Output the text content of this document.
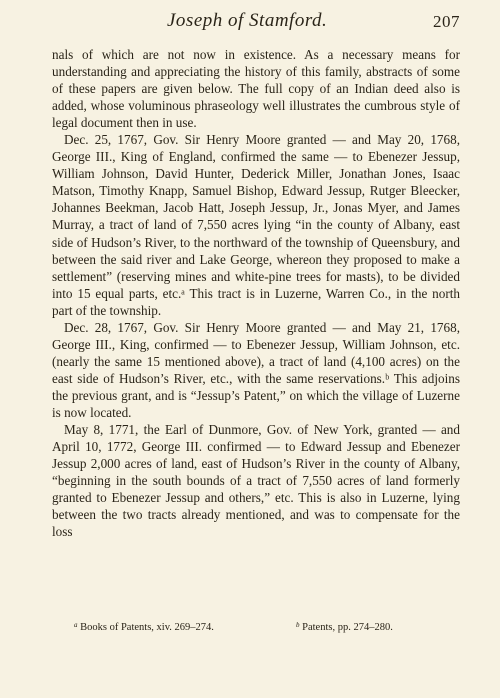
Joseph of Stamford.	207

nals of which are not now in existence. As a necessary means for understanding and appreciating the history of this family, abstracts of some of these papers are given below. The full copy of an Indian deed also is added, whose voluminous phraseology well illustrates the cumbrous style of legal document then in use.

Dec. 25, 1767, Gov. Sir Henry Moore granted — and May 20, 1768, George III., King of England, confirmed the same — to Ebenezer Jessup, William Johnson, David Hunter, Dederick Miller, Jonathan Jones, Isaac Matson, Timothy Knapp, Samuel Bishop, Edward Jessup, Rutger Bleecker, Johannes Beekman, Jacob Hatt, Joseph Jessup, Jr., Jonas Myer, and James Murray, a tract of land of 7,550 acres lying “in the county of Albany, east side of Hudson’s River, to the northward of the township of Queensbury, and between the said river and Lake George, whereon they proposed to make a settlement” (reserving mines and white-pine trees for masts), to be divided into 15 equal parts, etc.ᵃ This tract is in Luzerne, Warren Co., in the north part of the township.

Dec. 28, 1767, Gov. Sir Henry Moore granted — and May 21, 1768, George III., King, confirmed — to Ebenezer Jessup, William Johnson, etc. (nearly the same 15 mentioned above), a tract of land (4,100 acres) on the east side of Hudson’s River, etc., with the same reservations.ᵇ This adjoins the previous grant, and is “Jessup’s Patent,” on which the village of Luzerne is now located.

May 8, 1771, the Earl of Dunmore, Gov. of New York, granted — and April 10, 1772, George III. confirmed — to Edward Jessup and Ebenezer Jessup 2,000 acres of land, east of Hudson’s River in the county of Albany, “beginning in the south bounds of a tract of 7,550 acres of land formerly granted to Ebenezer Jessup and others,” etc. This is also in Luzerne, lying between the two tracts already mentioned, and was to compensate for the loss

$^a$ Books of Patents, xiv. 269–274.	$^b$ Patents, pp. 274–280.
